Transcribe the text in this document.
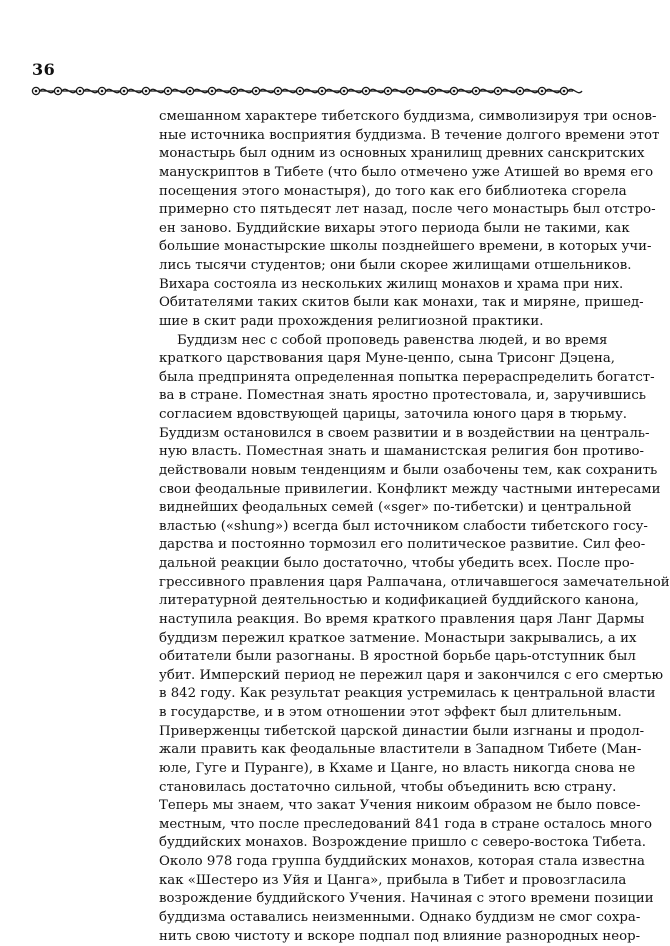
36
смешанном характере тибетского буддизма, символизируя три основ-
ные источника восприятия буддизма. В течение долгого времени этот
монастырь был одним из основных хранилищ древних санскритских
манускриптов в Тибете (что было отмечено уже Атишей во время его
посещения этого монастыря), до того как его библиотека сгорела
примерно сто пятьдесят лет назад, после чего монастырь был отстро-
ен заново. Буддийские вихары этого периода были не такими, как
большие монастырские школы позднейшего времени, в которых учи-
лись тысячи студентов; они были скорее жилищами отшельников.
Вихара состояла из нескольких жилищ монахов и храма при них.
Обитателями таких скитов были как монахи, так и миряне, пришед-
шие в скит ради прохождения религиозной практики.
Буддизм нес с собой проповедь равенства людей, и во время
краткого царствования царя Муне-ценпо, сына Трисонг Дэцена,
была предпринята определенная попытка перераспределить богатст-
ва в стране. Поместная знать яростно протестовала, и, заручившись
согласием вдовствующей царицы, заточила юного царя в тюрьму.
Буддизм остановился в своем развитии и в воздействии на централь-
ную власть. Поместная знать и шаманистская религия бон противо-
действовали новым тенденциям и были озабочены тем, как сохранить
свои феодальные привилегии. Конфликт между частными интересами
виднейших феодальных семей («sger» по-тибетски) и центральной
властью («shung») всегда был источником слабости тибетского госу-
дарства и постоянно тормозил его политическое развитие. Сил фео-
дальной реакции было достаточно, чтобы убедить всех. После про-
грессивного правления царя Ралпачана, отличавшегося замечательной
литературной деятельностью и кодификацией буддийского канона,
наступила реакция. Во время краткого правления царя Ланг Дармы
буддизм пережил краткое затмение. Монастыри закрывались, а их
обитатели были разогнаны. В яростной борьбе царь-отступник был
убит. Имперский период не пережил царя и закончился с его смертью
в 842 году. Как результат реакция устремилась к центральной власти
в государстве, и в этом отношении этот эффект был длительным.
Приверженцы тибетской царской династии были изгнаны и продол-
жали править как феодальные властители в Западном Тибете (Ман-
юле, Гуге и Пуранге), в Кхаме и Цанге, но власть никогда снова не
становилась достаточно сильной, чтобы объединить всю страну.
Теперь мы знаем, что закат Учения никоим образом не было повсе-
местным, что после преследований 841 года в стране осталось много
буддийских монахов. Возрождение пришло с северо-востока Тибета.
Около 978 года группа буддийских монахов, которая стала известна
как «Шестеро из Уйя и Цанга», прибыла в Тибет и провозгласила
возрождение буддийского Учения. Начиная с этого времени позиции
буддизма оставались неизменными. Однако буддизм не смог сохра-
нить свою чистоту и вскоре подпал под влияние разнородных неор-
